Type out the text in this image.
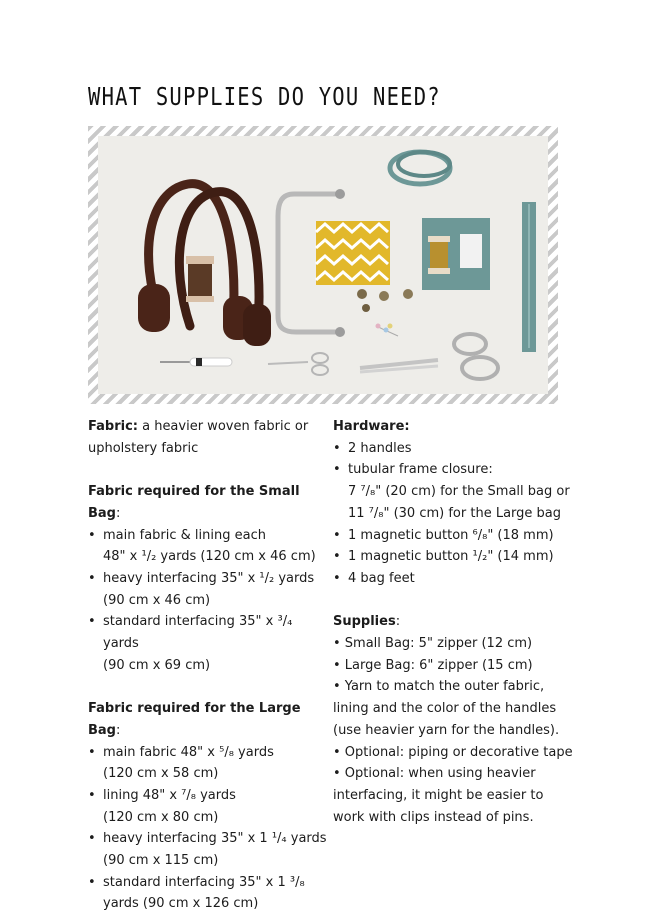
WHAT SUPPLIES DO YOU NEED?

Fabric: a heavier woven fabric or

upholstery fabric

Fabric required for the Small Bag:

• main fabric & lining each
48" x ¹/₂ yards (120 cm x 46 cm)
• heavy interfacing 35" x ¹/₂ yards
(90 cm x 46 cm)
• standard interfacing 35" x ³/₄ yards
(90 cm x 69 cm)

Fabric required for the Large Bag:

• main fabric 48" x ⁵/₈ yards
(120 cm x 58 cm)
• lining 48" x ⁷/₈ yards
(120 cm x 80 cm)
• heavy interfacing 35" x 1 ¹/₄ yards
(90 cm x 115 cm)
• standard interfacing 35" x 1 ³/₈
yards (90 cm x 126 cm)

Hardware:

• 2 handles
• tubular frame closure:
7 ⁷/₈" (20 cm) for the Small bag or
11 ⁷/₈" (30 cm) for the Large bag
• 1 magnetic button ⁶/₈" (18 mm)
• 1 magnetic button ¹/₂" (14 mm)
• 4 bag feet

Supplies:

• Small Bag: 5" zipper (12 cm)

• Large Bag: 6" zipper (15 cm)

• Yarn to match the outer fabric,

lining and the color of the handles

(use heavier yarn for the handles).

• Optional: piping or decorative tape

• Optional: when using heavier

interfacing, it might be easier to

work with clips instead of pins.
